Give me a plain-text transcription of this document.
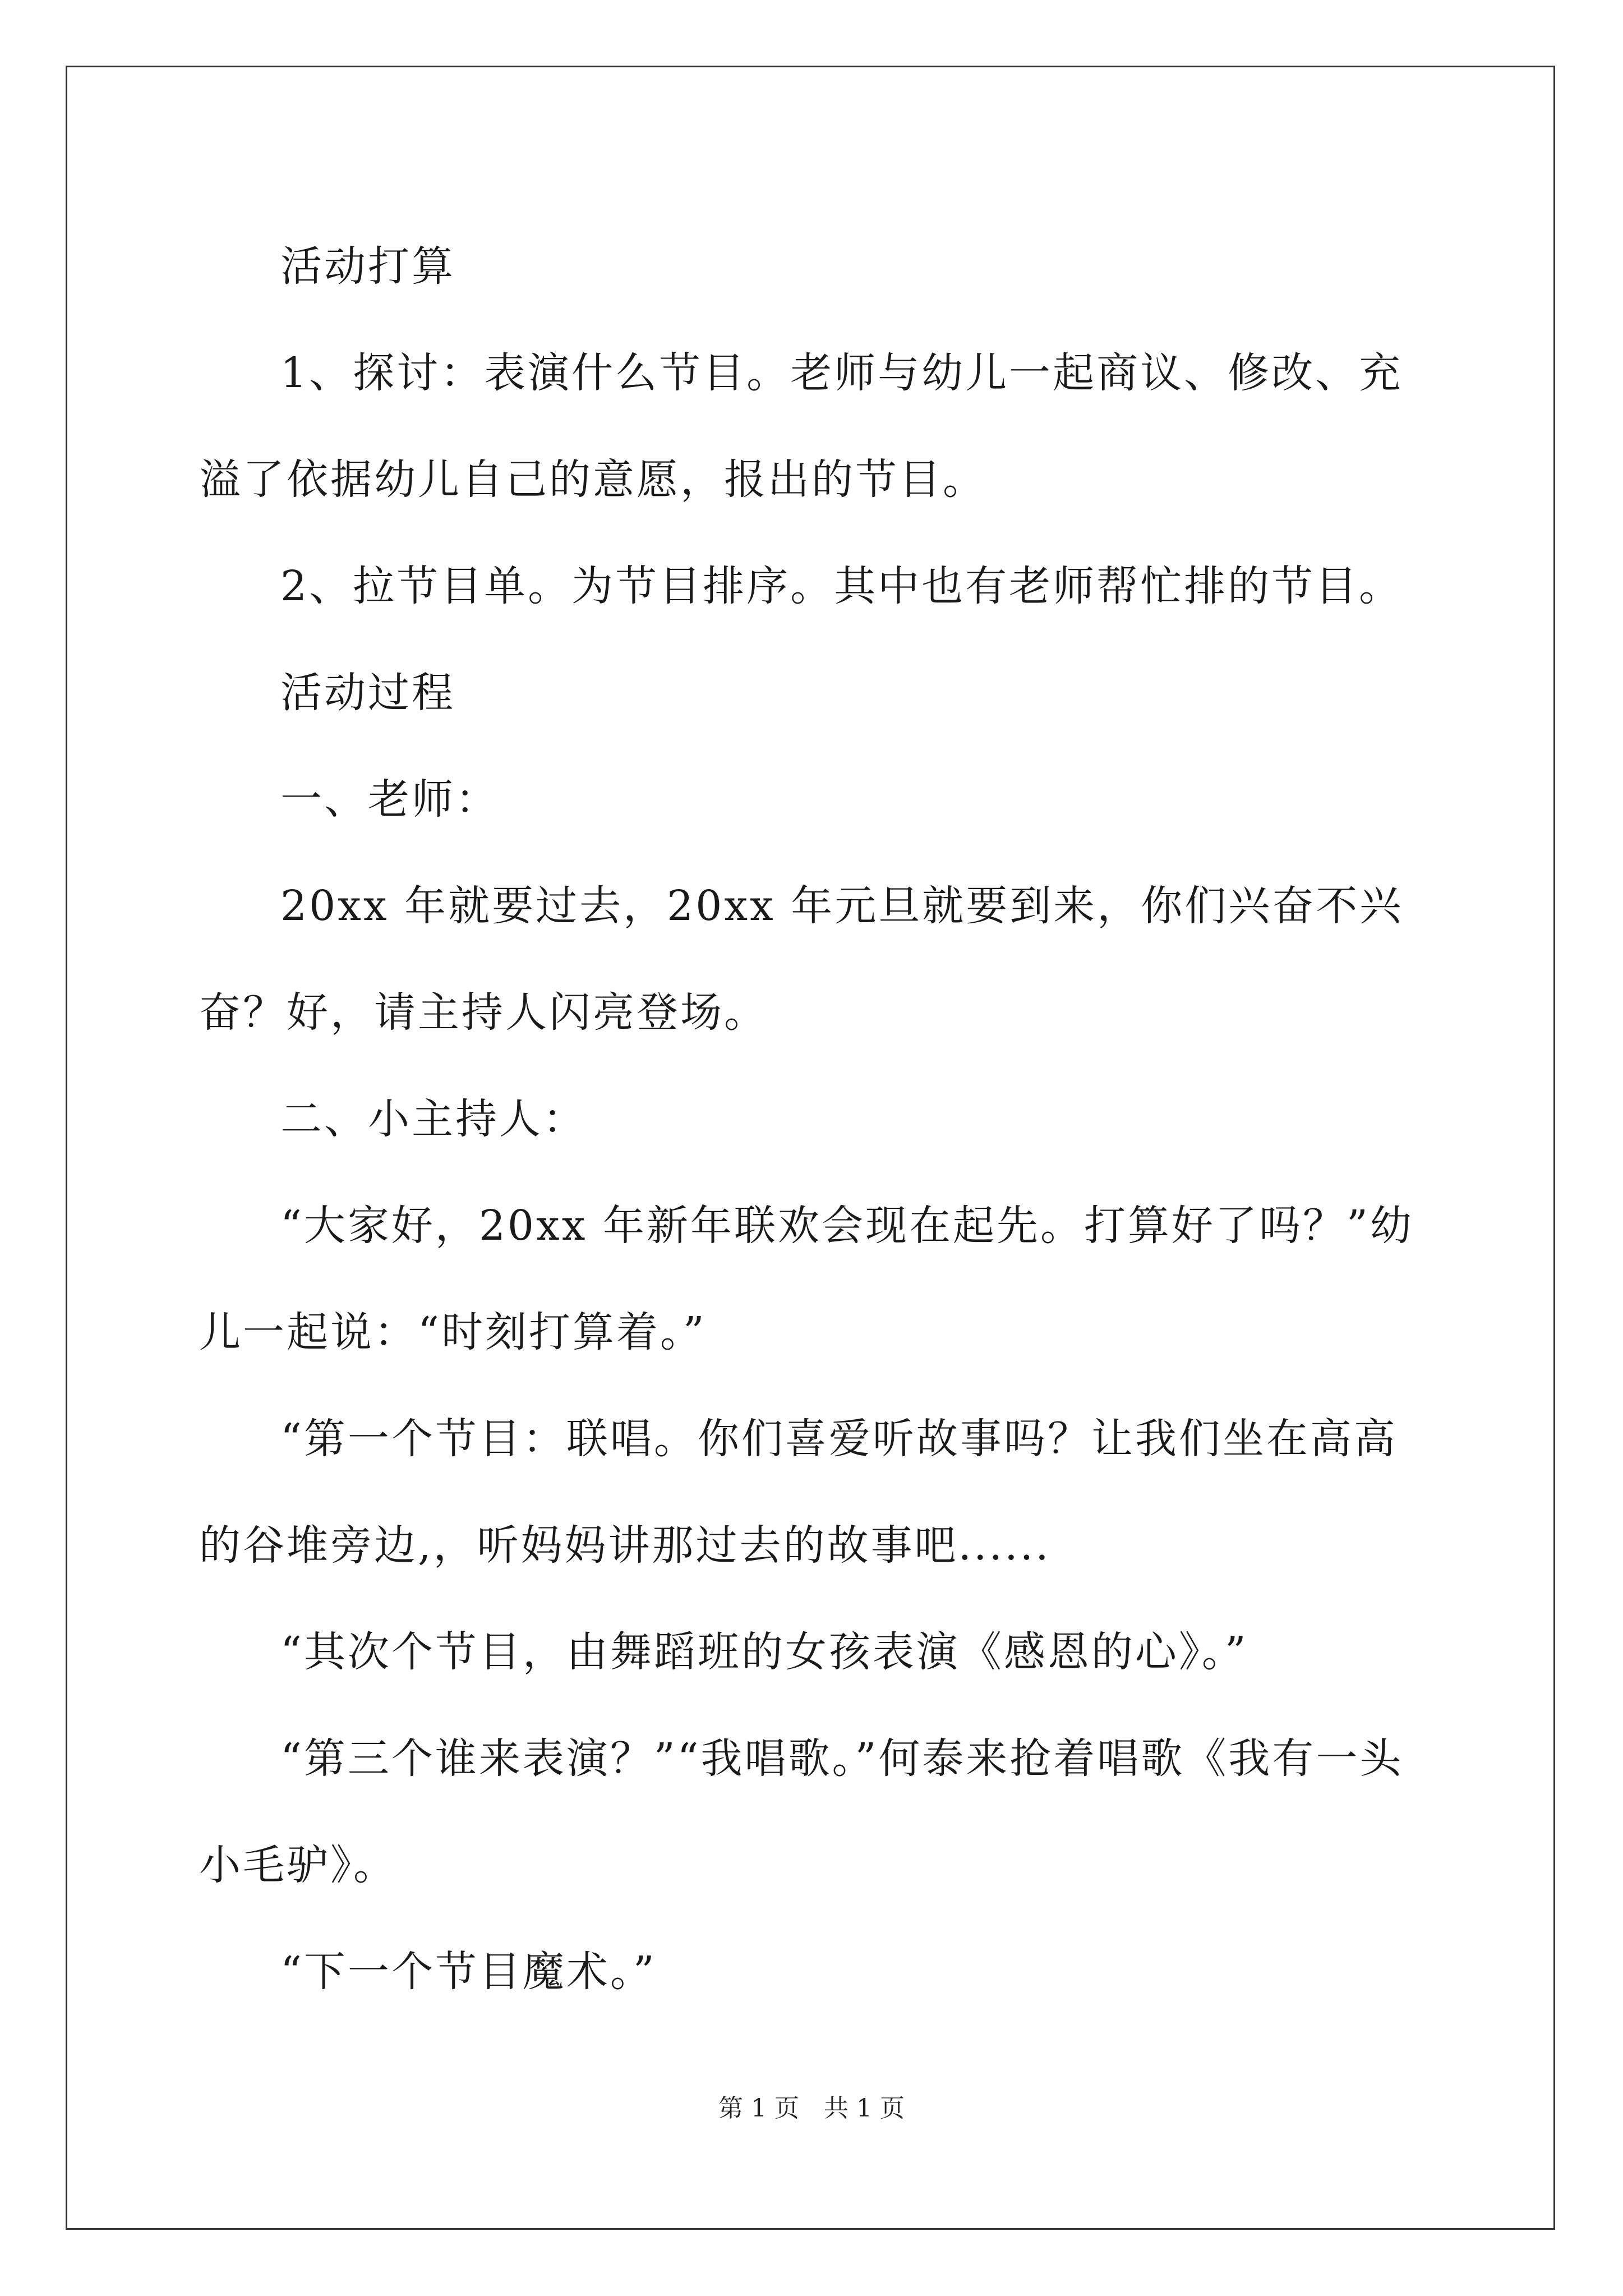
活动打算

1、探讨：表演什么节目。老师与幼儿一起商议、修改、充溢了依据幼儿自己的意愿，报出的节目。

2、拉节目单。为节目排序。其中也有老师帮忙排的节目。

活动过程

一、老师：

20xx 年就要过去，20xx 年元旦就要到来，你们兴奋不兴奋？好，请主持人闪亮登场。

二、小主持人：

“大家好，20xx 年新年联欢会现在起先。打算好了吗？”幼儿一起说：“时刻打算着。”

“第一个节目：联唱。你们喜爱听故事吗？让我们坐在高高的谷堆旁边,，听妈妈讲那过去的故事吧......

“其次个节目，由舞蹈班的女孩表演《感恩的心》。”

“第三个谁来表演？”“我唱歌。”何泰来抢着唱歌《我有一头小毛驴》。

“下一个节目魔术。”

第 1 页　共 1 页
